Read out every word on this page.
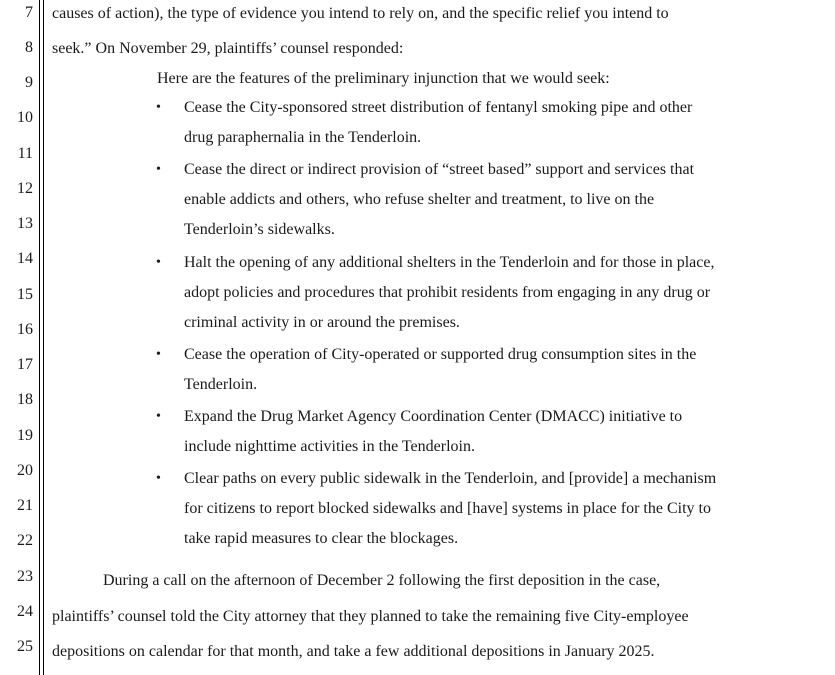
7
8
9
10
11
12
13
14
15
16
17
18
19
20
21
22
23
24
25
causes of action), the type of evidence you intend to rely on, and the specific relief you intend to
seek.” On November 29, plaintiffs’ counsel responded:
Here are the features of the preliminary injunction that we would seek:
• Cease the City-sponsored street distribution of fentanyl smoking pipe and other
drug paraphernalia in the Tenderloin.
• Cease the direct or indirect provision of “street based” support and services that
enable addicts and others, who refuse shelter and treatment, to live on the
Tenderloin’s sidewalks.
• Halt the opening of any additional shelters in the Tenderloin and for those in place,
adopt policies and procedures that prohibit residents from engaging in any drug or
criminal activity in or around the premises.
• Cease the operation of City-operated or supported drug consumption sites in the
Tenderloin.
• Expand the Drug Market Agency Coordination Center (DMACC) initiative to
include nighttime activities in the Tenderloin.
• Clear paths on every public sidewalk in the Tenderloin, and [provide] a mechanism
for citizens to report blocked sidewalks and [have] systems in place for the City to
take rapid measures to clear the blockages.
During a call on the afternoon of December 2 following the first deposition in the case,
plaintiffs’ counsel told the City attorney that they planned to take the remaining five City-employee
depositions on calendar for that month, and take a few additional depositions in January 2025.
